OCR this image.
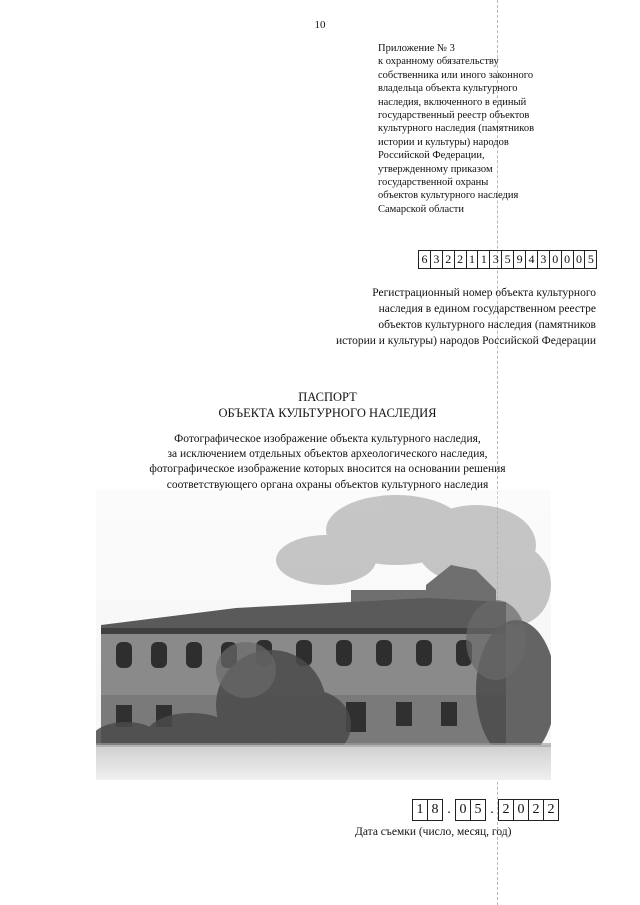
10
Приложение № 3
к охранному обязательству
собственника или иного законного
владельца объекта культурного
наследия, включенного в единый
государственный реестр объектов
культурного наследия (памятников
истории и культуры) народов
Российской Федерации,
утвержденному приказом
государственной охраны
объектов культурного наследия
Самарской области
6 3 2 2 1 1 3 5 9 4 3 0 0 0 5
Регистрационный номер объекта культурного
наследия в едином государственном реестре
объектов культурного наследия (памятников
истории и культуры) народов Российской Федерации
ПАСПОРТ
ОБЪЕКТА КУЛЬТУРНОГО НАСЛЕДИЯ
Фотографическое изображение объекта культурного наследия,
за исключением отдельных объектов археологического наследия,
фотографическое изображение которых вносится на основании решения
соответствующего органа охраны объектов культурного наследия
1 8 . 0 5 . 2 0 2 2
Дата съемки (число, месяц, год)
